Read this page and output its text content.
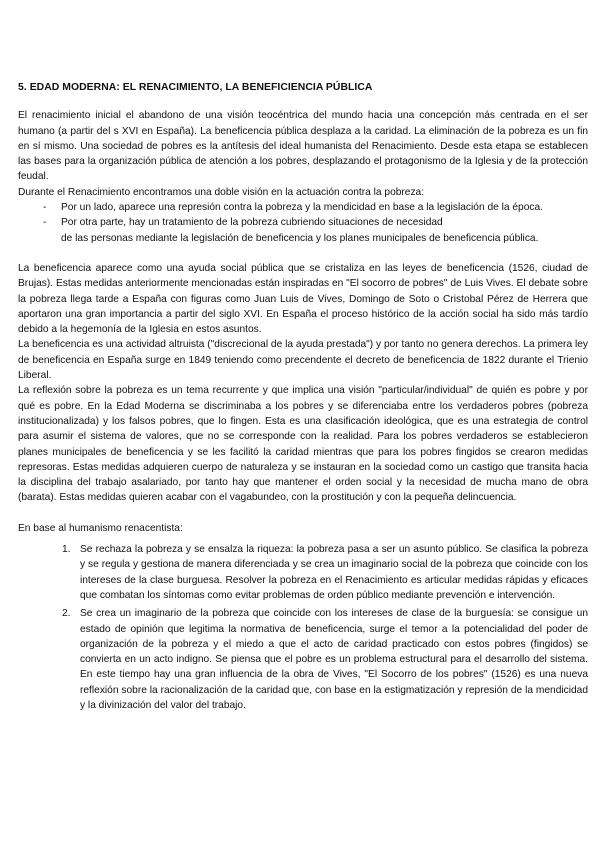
5. EDAD MODERNA: EL RENACIMIENTO, LA BENEFICIENCIA PÚBLICA

El renacimiento inicial el abandono de una visión teocéntrica del mundo hacia una concepción más centrada en el ser humano (a partir del s XVI en España). La beneficencia pública desplaza a la caridad. La eliminación de la pobreza es un fin en sí mismo. Una sociedad de pobres es la antítesis del ideal humanista del Renacimiento. Desde esta etapa se establecen las bases para la organización pública de atención a los pobres, desplazando el protagonismo de la Iglesia y de la protección feudal.

Durante el Renacimiento encontramos una doble visión en la actuación contra la pobreza:

- Por un lado, aparece una represión contra la pobreza y la mendicidad en base a la legislación de la época.
- Por otra parte, hay un tratamiento de la pobreza cubriendo situaciones de necesidad
de las personas mediante la legislación de beneficencia y los planes municipales de beneficencia pública.

La beneficencia aparece como una ayuda social pública que se cristaliza en las leyes de beneficencia (1526, ciudad de Brujas). Estas medidas anteriormente mencionadas están inspiradas en "El socorro de pobres" de Luis Vives. El debate sobre la pobreza llega tarde a España con figuras como Juan Luis de Vives, Domingo de Soto o Cristobal Pérez de Herrera que aportaron una gran importancia a partir del siglo XVI. En España el proceso histórico de la acción social ha sido más tardío debido a la hegemonía de la Iglesia en estos asuntos.

La beneficencia es una actividad altruista ("discrecional de la ayuda prestada") y por tanto no genera derechos. La primera ley de beneficencia en España surge en 1849 teniendo como precendente el decreto de beneficencia de 1822 durante el Trienio Liberal.

La reflexión sobre la pobreza es un tema recurrente y que implica una visión "particular/individual" de quién es pobre y por qué es pobre. En la Edad Moderna se discriminaba a los pobres y se diferenciaba entre los verdaderos pobres (pobreza institucionalizada) y los falsos pobres, que lo fingen. Esta es una clasificación ideológica, que es una estrategia de control para asumir el sistema de valores, que no se corresponde con la realidad. Para los pobres verdaderos se establecieron planes municipales de beneficencia y se les facilitó la caridad mientras que para los pobres fingidos se crearon medidas represoras. Estas medidas adquieren cuerpo de naturaleza y se instauran en la sociedad como un castigo que transita hacia la disciplina del trabajo asalariado, por tanto hay que mantener el orden social y la necesidad de mucha mano de obra (barata). Estas medidas quieren acabar con el vagabundeo, con la prostitución y con la pequeña delincuencia.

En base al humanismo renacentista:

1. Se rechaza la pobreza y se ensalza la riqueza: la pobreza pasa a ser un asunto público. Se clasifica la pobreza y se regula y gestiona de manera diferenciada y se crea un imaginario social de la pobreza que coincide con los intereses de la clase burguesa. Resolver la pobreza en el Renacimiento es articular medidas rápidas y eficaces que combatan los síntomas como evitar problemas de orden público mediante prevención e intervención.
2. Se crea un imaginario de la pobreza que coincide con los intereses de clase de la burguesía: se consigue un estado de opinión que legitima la normativa de beneficencia, surge el temor a la potencialidad del poder de organización de la pobreza y el miedo a que el acto de caridad practicado con estos pobres (fingidos) se convierta en un acto indigno. Se piensa que el pobre es un problema estructural para el desarrollo del sistema. En este tiempo hay una gran influencia de la obra de Vives, "El Socorro de los pobres" (1526) es una nueva reflexión sobre la racionalización de la caridad que, con base en la estigmatización y represión de la mendicidad y la divinización del valor del trabajo.
